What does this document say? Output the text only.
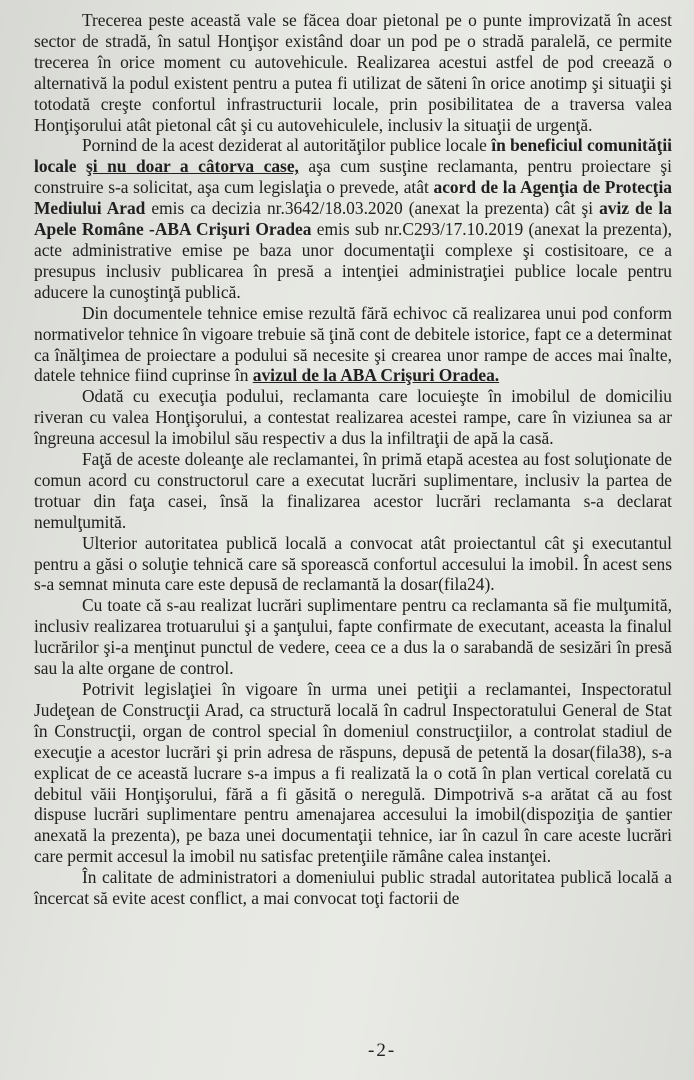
Trecerea peste această vale se făcea doar pietonal pe o punte improvizată în acest sector de stradă, în satul Honţişor existând doar un pod pe o stradă paralelă, ce permite trecerea în orice moment cu autovehicule. Realizarea acestui astfel de pod creează o alternativă la podul existent pentru a putea fi utilizat de săteni în orice anotimp şi situaţii şi totodată creşte confortul infrastructurii locale, prin posibilitatea de a traversa valea Honţişorului atât pietonal cât şi cu autovehiculele, inclusiv la situaţii de urgenţă.

Pornind de la acest deziderat al autorităţilor publice locale în beneficiul comunităţii locale şi nu doar a câtorva case, aşa cum susţine reclamanta, pentru proiectare şi construire s-a solicitat, aşa cum legislaţia o prevede, atât acord de la Agenţia de Protecţia Mediului Arad emis ca decizia nr.3642/18.03.2020 (anexat la prezenta) cât şi aviz de la Apele Române -ABA Crişuri Oradea emis sub nr.C293/17.10.2019 (anexat la prezenta), acte administrative emise pe baza unor documentaţii complexe şi costisitoare, ce a presupus inclusiv publicarea în presă a intenţiei administraţiei publice locale pentru aducere la cunoştinţă publică.

Din documentele tehnice emise rezultă fără echivoc că realizarea unui pod conform normativelor tehnice în vigoare trebuie să ţină cont de debitele istorice, fapt ce a determinat ca înălţimea de proiectare a podului să necesite şi crearea unor rampe de acces mai înalte, datele tehnice fiind cuprinse în avizul de la ABA Crişuri Oradea.

Odată cu execuţia podului, reclamanta care locuieşte în imobilul de domiciliu riveran cu valea Honţişorului, a contestat realizarea acestei rampe, care în viziunea sa ar îngreuna accesul la imobilul său respectiv a dus la infiltraţii de apă la casă.

Faţă de aceste doleanţe ale reclamantei, în primă etapă acestea au fost soluţionate de comun acord cu constructorul care a executat lucrări suplimentare, inclusiv la partea de trotuar din faţa casei, însă la finalizarea acestor lucrări reclamanta s-a declarat nemulţumită.

Ulterior autoritatea publică locală a convocat atât proiectantul cât şi executantul pentru a găsi o soluţie tehnică care să sporească confortul accesului la imobil. În acest sens s-a semnat minuta care este depusă de reclamantă la dosar(fila24).

Cu toate că s-au realizat lucrări suplimentare pentru ca reclamanta să fie mulţumită, inclusiv realizarea trotuarului şi a şanţului, fapte confirmate de executant, aceasta la finalul lucrărilor şi-a menţinut punctul de vedere, ceea ce a dus la o sarabandă de sesizări în presă sau la alte organe de control.

Potrivit legislaţiei în vigoare în urma unei petiţii a reclamantei, Inspectoratul Judeţean de Construcţii Arad, ca structură locală în cadrul Inspectoratului General de Stat în Construcţii, organ de control special în domeniul construcţiilor, a controlat stadiul de execuţie a acestor lucrări şi prin adresa de răspuns, depusă de petentă la dosar(fila38), s-a explicat de ce această lucrare s-a impus a fi realizată la o cotă în plan vertical corelată cu debitul văii Honţişorului, fără a fi găsită o neregulă. Dimpotrivă s-a arătat că au fost dispuse lucrări suplimentare pentru amenajarea accesului la imobil(dispoziţia de şantier anexată la prezenta), pe baza unei documentaţii tehnice, iar în cazul în care aceste lucrări care permit accesul la imobil nu satisfac pretenţiile rămâne calea instanţei.

În calitate de administratori a domeniului public stradal autoritatea publică locală a încercat să evite acest conflict, a mai convocat toţi factorii de

-2-
